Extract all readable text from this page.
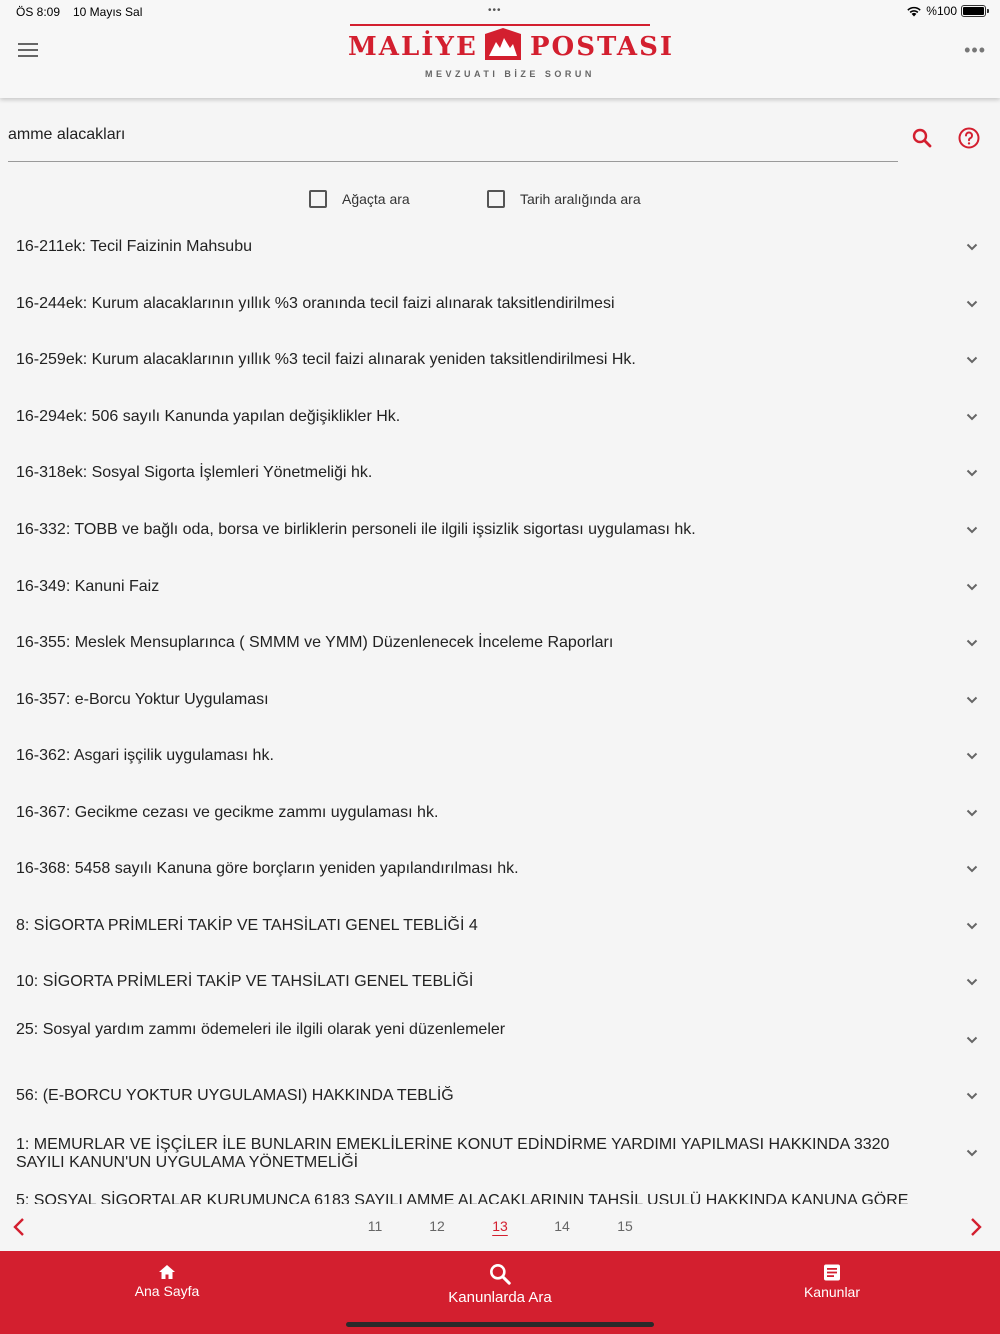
ÖS 8:09 10 Mayıs Sal	•••	%100
MALİYE POSTASI
MEVZUATI BİZE SORUN
•••
amme alacakları
Ağaçta ara	Tarih aralığında ara
16-211ek: Tecil Faizinin Mahsubu
16-244ek: Kurum alacaklarının yıllık %3 oranında tecil faizi alınarak taksitlendirilmesi
16-259ek: Kurum alacaklarının yıllık %3 tecil faizi alınarak yeniden taksitlendirilmesi Hk.
16-294ek: 506 sayılı Kanunda yapılan değişiklikler Hk.
16-318ek: Sosyal Sigorta İşlemleri Yönetmeliği hk.
16-332: TOBB ve bağlı oda, borsa ve birliklerin personeli ile ilgili işsizlik sigortası uygulaması hk.
16-349: Kanuni Faiz
16-355: Meslek Mensuplarınca ( SMMM ve YMM) Düzenlenecek İnceleme Raporları
16-357: e-Borcu Yoktur Uygulaması
16-362: Asgari işçilik uygulaması hk.
16-367: Gecikme cezası ve gecikme zammı uygulaması hk.
16-368: 5458 sayılı Kanuna göre borçların yeniden yapılandırılması hk.
8: SİGORTA PRİMLERİ TAKİP VE TAHSİLATI GENEL TEBLİĞİ 4
10: SİGORTA PRİMLERİ TAKİP VE TAHSİLATI GENEL TEBLİĞİ
25: Sosyal yardım zammı ödemeleri ile ilgili olarak yeni düzenlemeler
56: (E-BORCU YOKTUR UYGULAMASI) HAKKINDA TEBLİĞ
1: MEMURLAR VE İŞÇİLER İLE BUNLARIN EMEKLİLERİNE KONUT EDİNDİRME YARDIMI YAPILMASI HAKKINDA 3320 SAYILI KANUN'UN UYGULAMA YÖNETMELİĞİ
5: SOSYAL SİGORTALAR KURUMUNCA 6183 SAYILI AMME ALACAKLARININ TAHSİL USULÜ HAKKINDA KANUNA GÖRE
11	12	13	14	15
Ana Sayfa	Kanunlarda Ara	Kanunlar
